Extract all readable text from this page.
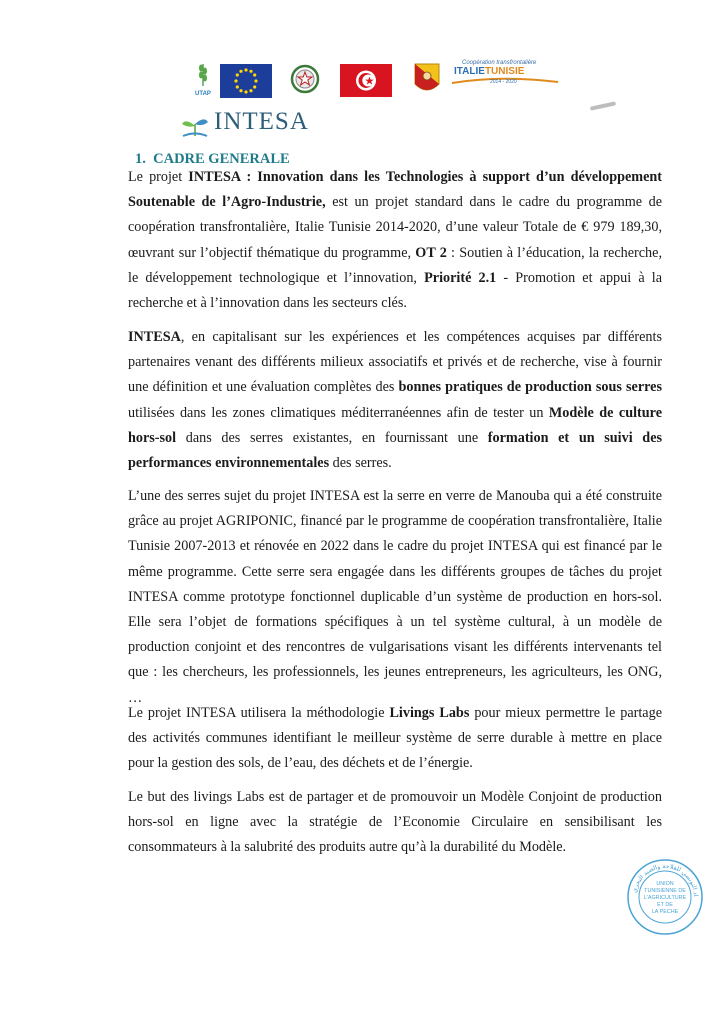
UTAP
Coopération transfrontalière
ITALIETUNISIE
2014 - 2020
INTESA
1. CADRE GENERALE
Le projet INTESA : Innovation dans les Technologies à support d’un développement Soutenable de l’Agro-Industrie, est un projet standard dans le cadre du programme de coopération transfrontalière, Italie Tunisie 2014-2020, d’une valeur Totale de € 979 189,30, œuvrant sur l’objectif thématique du programme, OT 2 : Soutien à l’éducation, la recherche, le développement technologique et l’innovation, Priorité 2.1 - Promotion et appui à la recherche et à l’innovation dans les secteurs clés.
INTESA, en capitalisant sur les expériences et les compétences acquises par différents partenaires venant des différents milieux associatifs et privés et de recherche, vise à fournir une définition et une évaluation complètes des bonnes pratiques de production sous serres utilisées dans les zones climatiques méditerranéennes afin de tester un Modèle de culture hors-sol dans des serres existantes, en fournissant une formation et un suivi des performances environnementales des serres.
L’une des serres sujet du projet INTESA est la serre en verre de Manouba qui a été construite grâce au projet AGRIPONIC, financé par le programme de coopération transfrontalière, Italie Tunisie 2007-2013 et rénovée en 2022 dans le cadre du projet INTESA qui est financé par le même programme. Cette serre sera engagée dans les différents groupes de tâches du projet INTESA comme prototype fonctionnel duplicable d’un système de production en hors-sol. Elle sera l’objet de formations spécifiques à un tel système cultural, à un modèle de production conjoint et des rencontres de vulgarisations visant les différents intervenants tel que : les chercheurs, les professionnels, les jeunes entrepreneurs, les agriculteurs, les ONG, …
Le projet INTESA utilisera la méthodologie Livings Labs pour mieux permettre le partage des activités communes identifiant le meilleur système de serre durable à mettre en place pour la gestion des sols, de l’eau, des déchets et de l’énergie.
Le but des livings Labs est de partager et de promouvoir un Modèle Conjoint de production hors-sol en ligne avec la stratégie de l’Economie Circulaire en sensibilisant les consommateurs à la salubrité des produits autre qu’à la durabilité du Modèle.
اد التونسي للفلاحة والصيد البحري
UNION
TUNISIENNE DE
L'AGRICULTURE
ET DE
LA PECHE
